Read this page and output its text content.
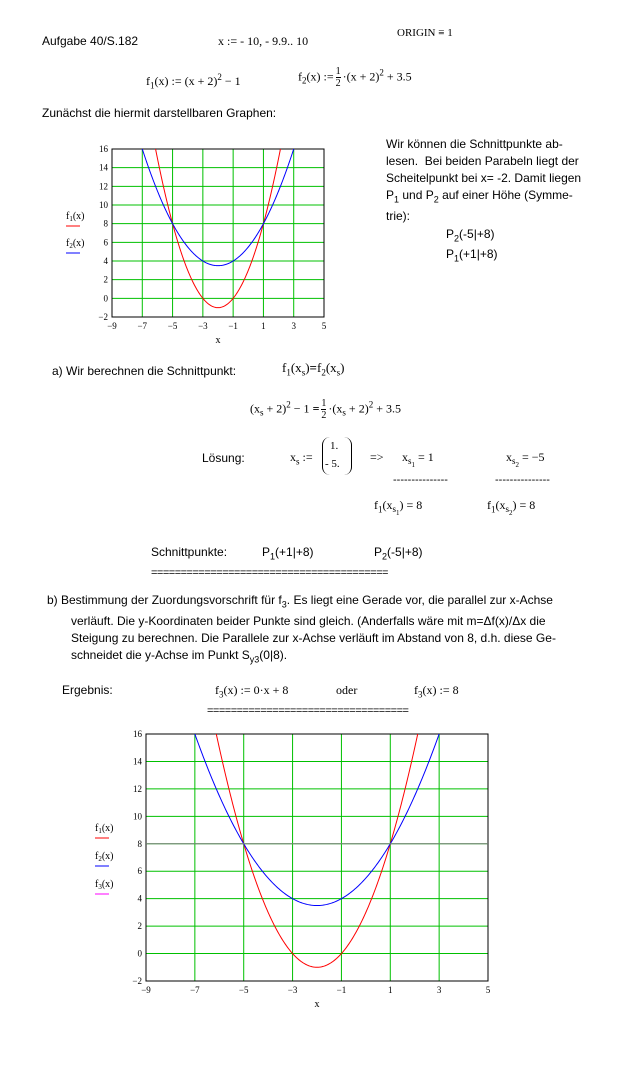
Aufgabe 40/S.182	x := - 10, - 9.9.. 10
ORIGIN ≡ 1
$f_1(x)$ := $(x + 2)^2 - 1$	$f_2(x)$ := $\frac{1}{2} \cdot(x + 2)^2 + 3.5$
Zunächst die hiermit darstellbaren Graphen:
−9 −7 −5 −3 −1	1	3	5
−2
0
2
4
6
8
10
12
14
16
x
$f_1(x)$
$f_2(x)$
Wir können die Schnittpunkte ab-
lesen.  Bei beiden Parabeln liegt der
Scheitelpunkt bei x= -2. Damit liegen
$P_1$ und $P_2$ auf einer Höhe (Symme-
trie):
$P_2(-5|+8)$
$P_1(+1|+8)$
a) Wir berechnen die Schnittpunkt:	$f_1(x_s)=f_2(x_s)$
$(x_s + 2)^2 - 1 = \frac{1}{2} \cdot(x_s + 2)^2 + 3.5$
Lösung:	$x_s$ :=
1.
- 5.	=> $x_{s_1} = 1$	$x_{s_2} = -5$
---------------	---------------
$f_1(x_{s_1}) = 8$	$f_1(x_{s_2}) = 8$
Schnittpunkte:	$P_1(+1|+8)$	$P_2(-5|+8)$
========================================
b) Bestimmung der Zuordungsvorschrift für $f_3$. Es liegt eine Gerade vor, die parallel zur x-Achse
verläuft. Die y-Koordinaten beider Punkte sind gleich. (Anderfalls wäre mit m=Δf(x)/Δx die
Steigung zu berechnen. Die Parallele zur x-Achse verläuft im Abstand von 8, d.h. diese Ge-
schneidet die y-Achse im Punkt $S_{y3}(0|8)$.
Ergebnis:	$f_3(x)$ := 0·x + 8	oder	$f_3(x)$ := 8
==================================
−9	−7	−5	−3	−1	1	3	5
−2
0
2
4
6
8
10
12
14
16
x
$f_1(x)$
$f_2(x)$
$f_3(x)$
